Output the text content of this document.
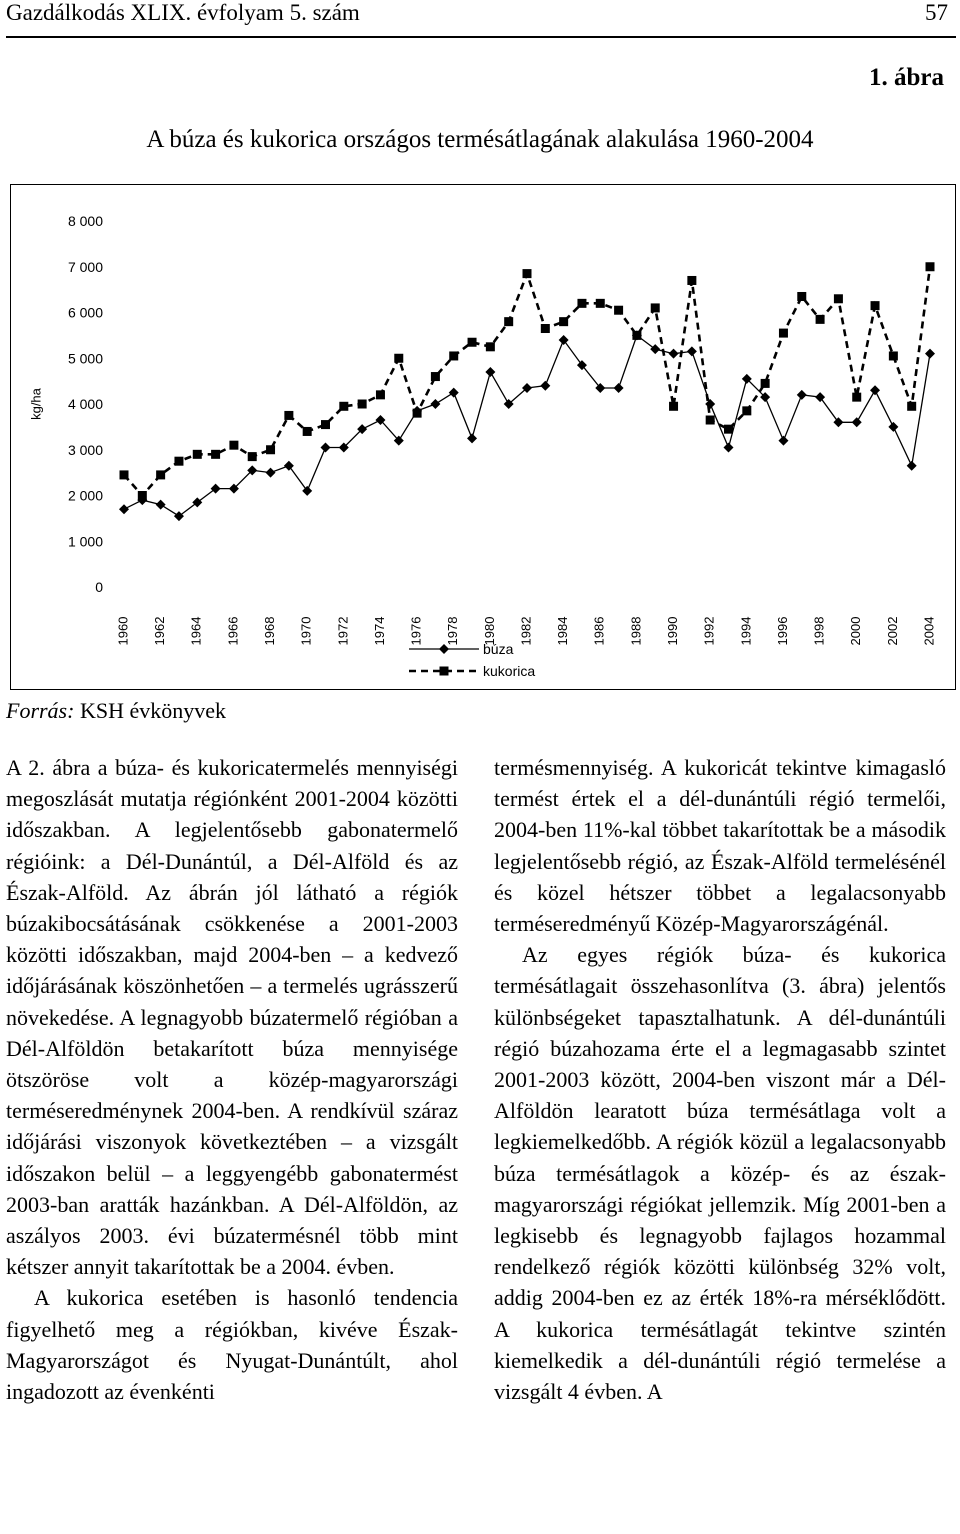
Gazdálkodás XLIX. évfolyam 5. szám	57
1. ábra
A búza és kukorica országos termésátlagának alakulása 1960-2004
0
1 000
2 000
3 000
4 000
5 000
6 000
7 000
8 000
1960 1962 1964 1966 1968 1970 1972 1974 1976 1978 1980 1982 1984 1986 1988 1990 1992 1994 1996 1998 2000 2002 2004
kg/ha
búza
kukorica
Forrás: KSH évkönyvek

A 2. ábra a búza- és kukoricatermelés mennyiségi megoszlását mutatja régiónként 2001-2004 közötti időszakban. A legjelentősebb gabonatermelő régióink: a Dél-Dunántúl, a Dél-Alföld és az Észak-Alföld. Az ábrán jól látható a régiók búzakibocsátásának csökkenése a 2001-2003 közötti időszakban, majd 2004-ben – a kedvező időjárásának köszönhetően – a termelés ugrásszerű növekedése. A legnagyobb búzatermelő régióban a Dél-Alföldön betakarított búza mennyisége ötszöröse volt a közép-magyarországi terméseredménynek 2004-ben. A rendkívül száraz időjárási viszonyok következtében – a vizsgált időszakon belül – a leggyengébb gabonatermést 2003-ban aratták hazánkban. A Dél-Alföldön, az aszályos 2003. évi búzatermésnél több mint kétszer annyit takarítottak be a 2004. évben.

A kukorica esetében is hasonló tendencia figyelhető meg a régiókban, kivéve Észak-Magyarországot és Nyugat-Dunántúlt, ahol ingadozott az évenkénti

termésmennyiség. A kukoricát tekintve kimagasló termést értek el a dél-dunántúli régió termelői, 2004-ben 11%-kal többet takarítottak be a második legjelentősebb régió, az Észak-Alföld termelésénél és közel hétszer többet a legalacsonyabb terméseredményű Közép-Magyarországénál.

Az egyes régiók búza- és kukorica termésátlagait összehasonlítva (3. ábra) jelentős különbségeket tapasztalhatunk. A dél-dunántúli régió búzahozama érte el a legmagasabb szintet 2001-2003 között, 2004-ben viszont már a Dél-Alföldön learatott búza termésátlaga volt a legkiemelkedőbb. A régiók közül a legalacsonyabb búza termésátlagok a közép- és az észak-magyarországi régiókat jellemzik. Míg 2001-ben a legkisebb és legnagyobb fajlagos hozammal rendelkező régiók közötti különbség 32% volt, addig 2004-ben ez az érték 18%-ra mérséklődött. A kukorica termésátlagát tekintve szintén kiemelkedik a dél-dunántúli régió termelése a vizsgált 4 évben. A
